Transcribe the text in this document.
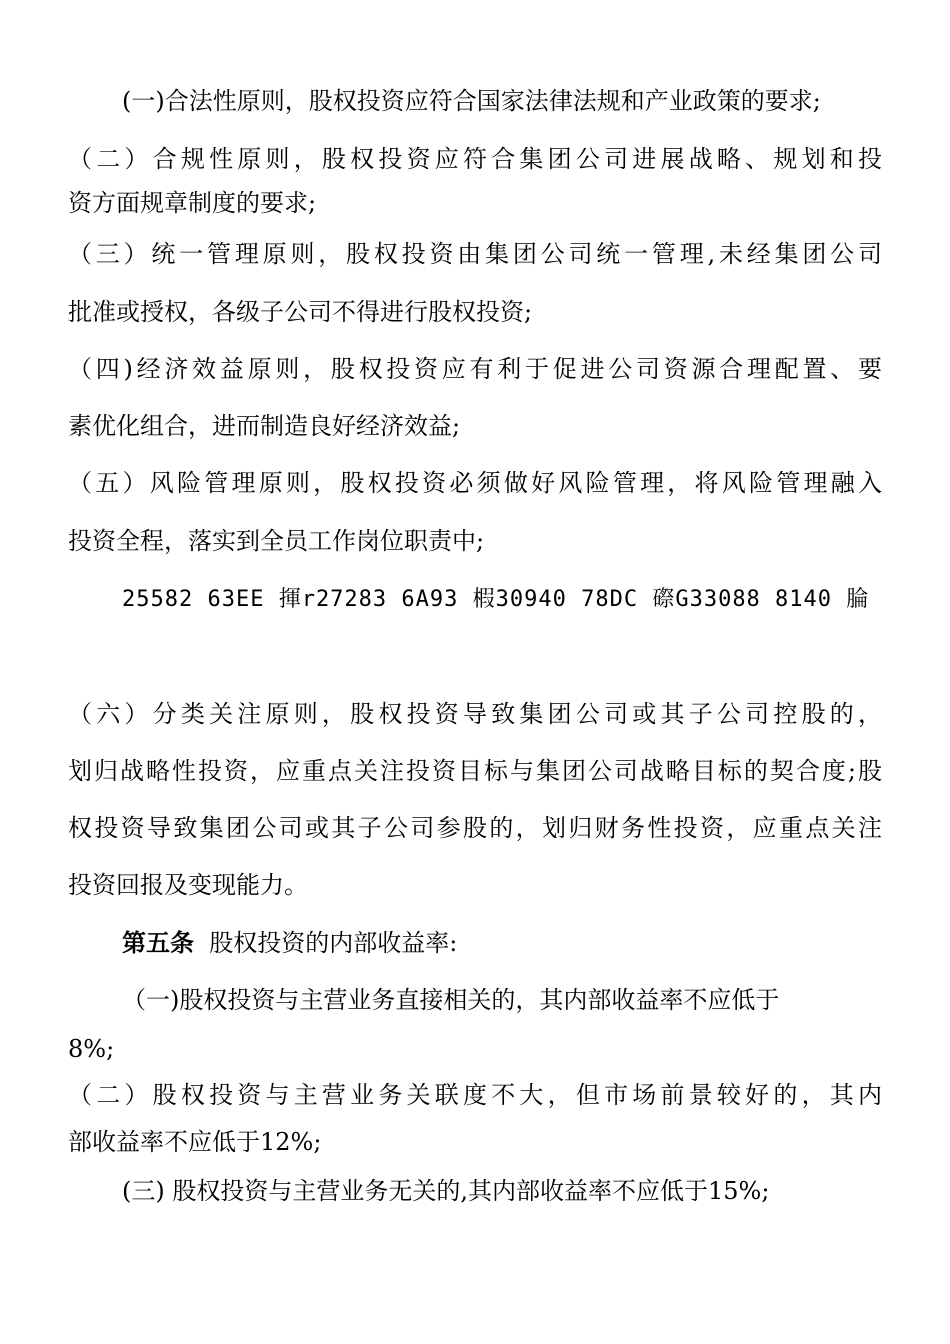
(一)合法性原则，股权投资应符合国家法律法规和产业政策的要求;

（二）合规性原则，股权投资应符合集团公司进展战略、规划和投

资方面规章制度的要求;

（三）统一管理原则，股权投资由集团公司统一管理,未经集团公司

批准或授权，各级子公司不得进行股权投资;

（四)经济效益原则，股权投资应有利于促进公司资源合理配置、要

素优化组合，进而制造良好经济效益;

（五）风险管理原则，股权投资必须做好风险管理，将风险管理融入

投资全程，落实到全员工作岗位职责中;

25582 63EE 揮r27283 6A93 椵30940 78DC 磜G33088 8140 腀

（六）分类关注原则，股权投资导致集团公司或其子公司控股的，

划归战略性投资，应重点关注投资目标与集团公司战略目标的契合度;股

权投资导致集团公司或其子公司参股的，划归财务性投资，应重点关注

投资回报及变现能力。

第五条 股权投资的内部收益率:

（一)股权投资与主营业务直接相关的，其内部收益率不应低于

8%;

（二）股权投资与主营业务关联度不大，但市场前景较好的，其内

部收益率不应低于12%;

(三) 股权投资与主营业务无关的,其内部收益率不应低于15%;
